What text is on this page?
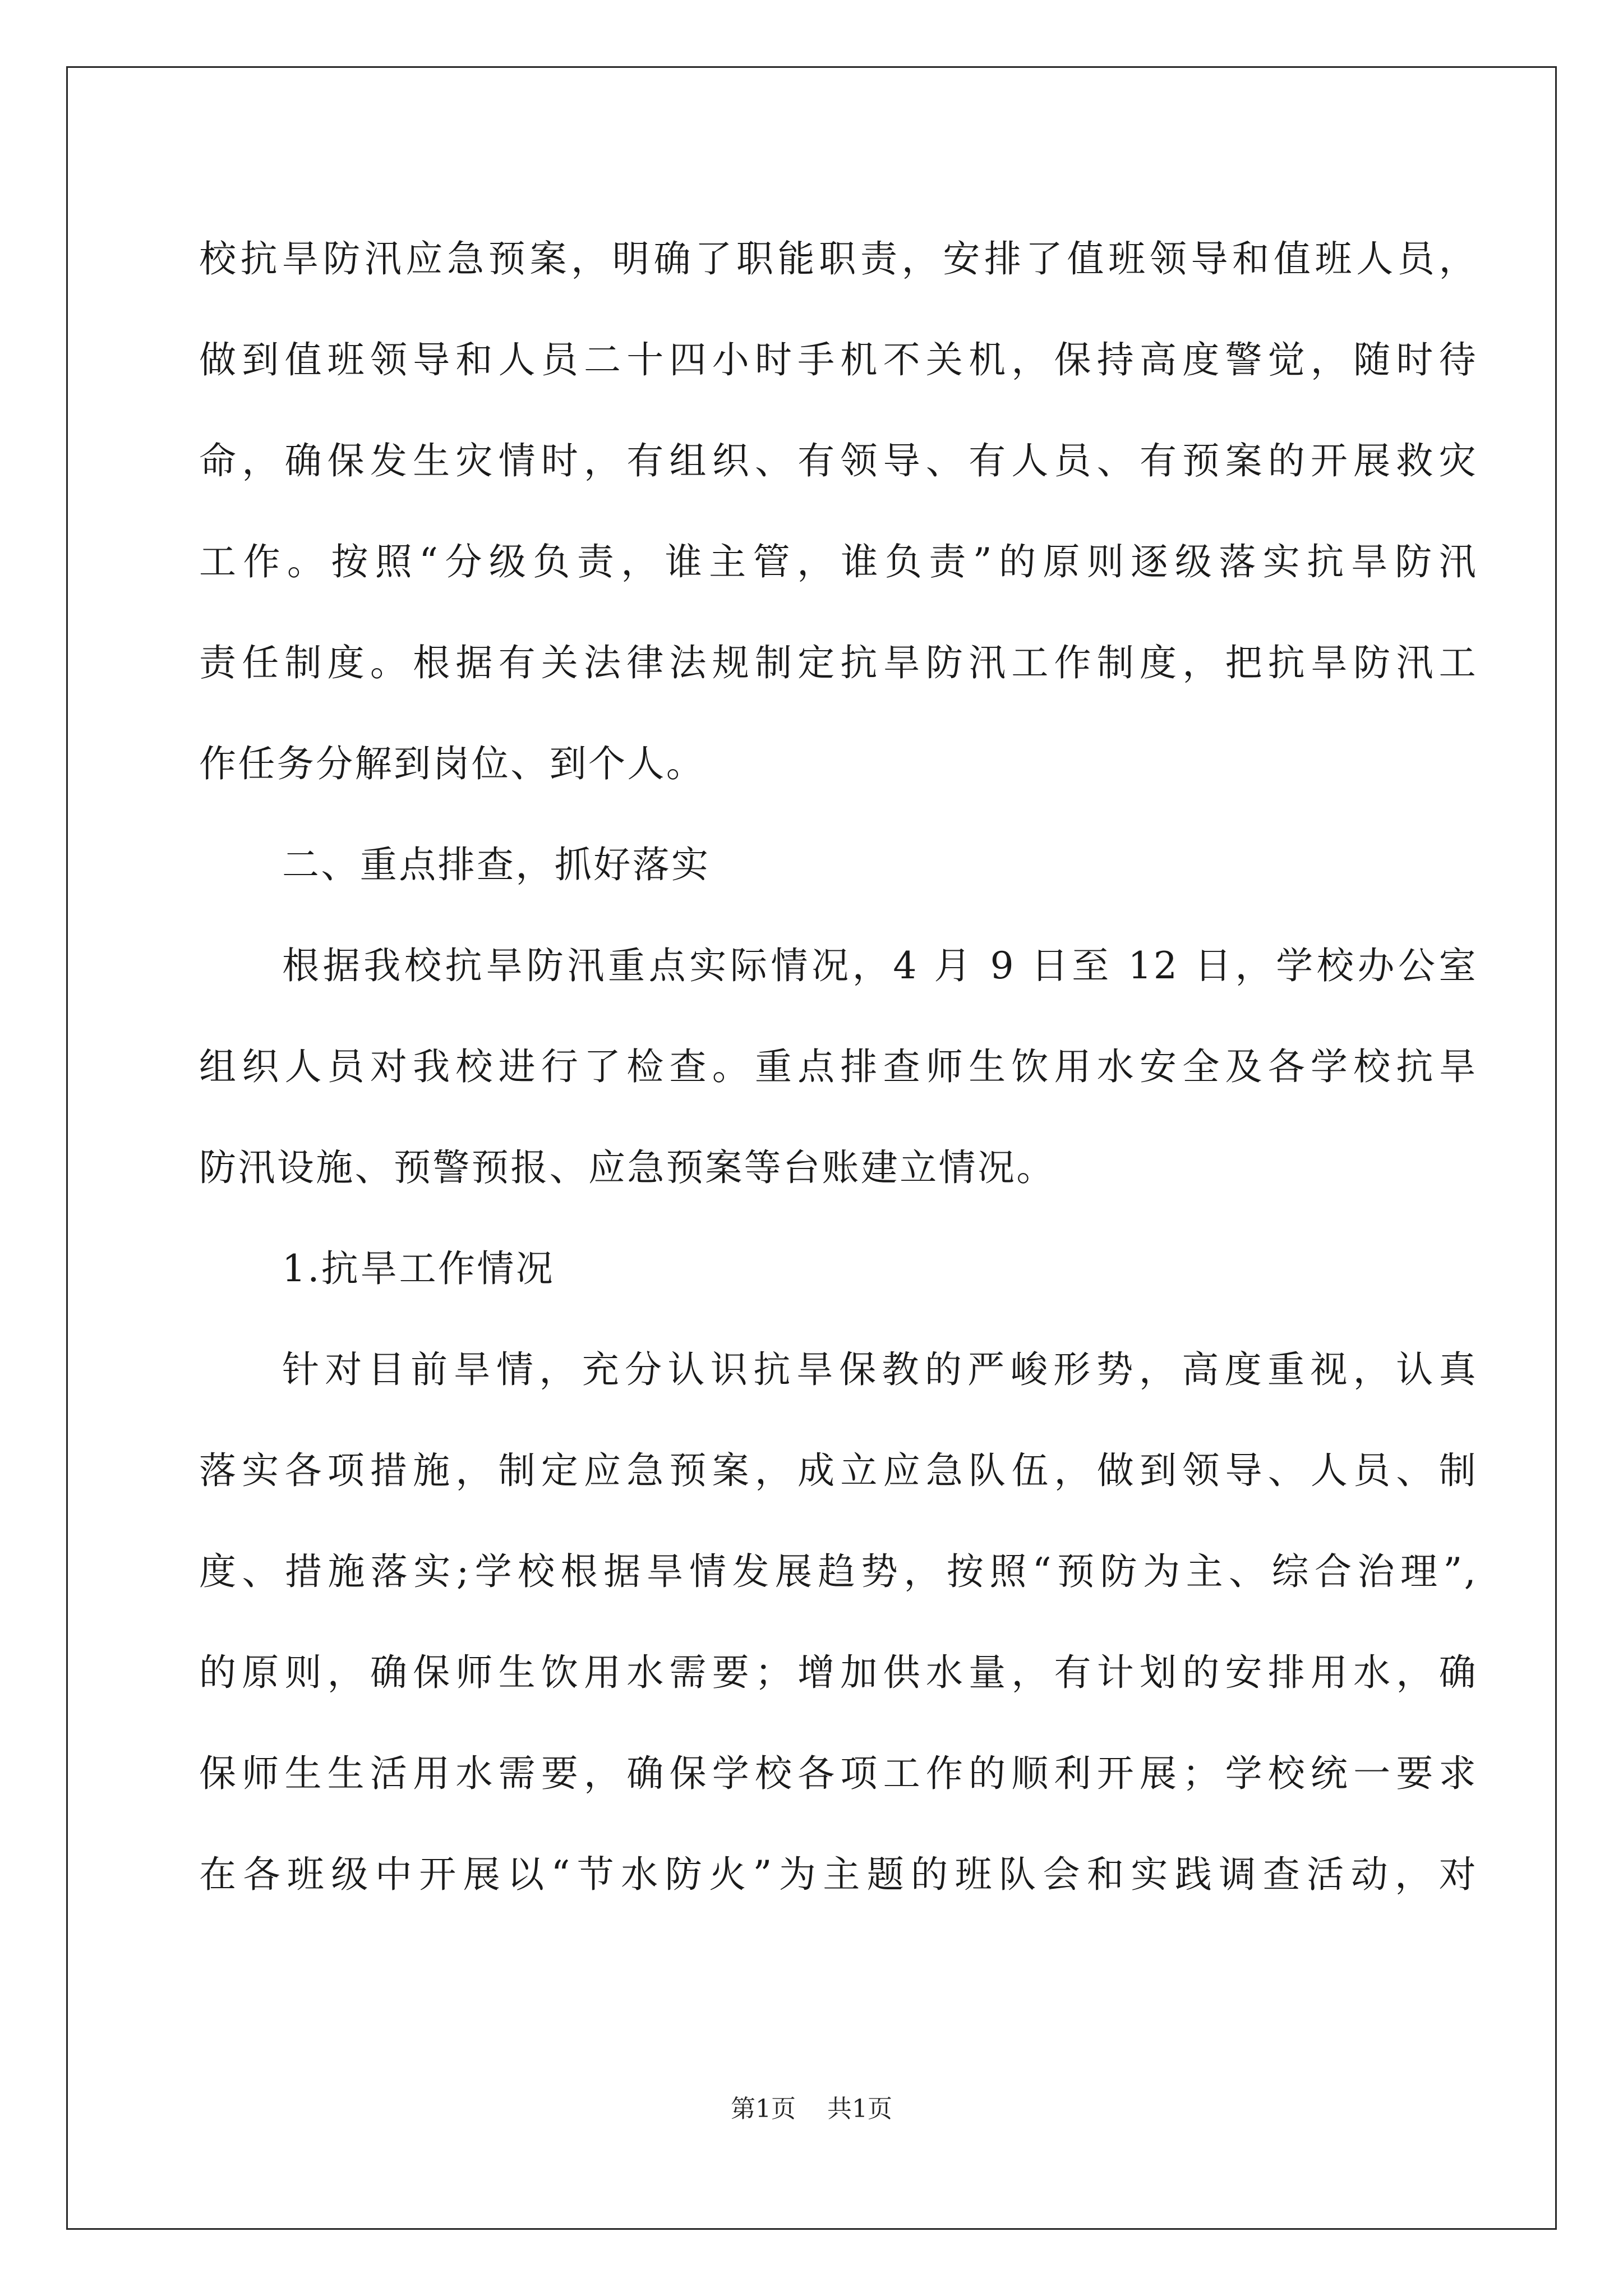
校抗旱防汛应急预案，明确了职能职责，安排了值班领导和值班人员，
做到值班领导和人员二十四小时手机不关机，保持高度警觉，随时待
命，确保发生灾情时，有组织、有领导、有人员、有预案的开展救灾
工作。按照“分级负责，谁主管，谁负责”的原则逐级落实抗旱防汛
责任制度。根据有关法律法规制定抗旱防汛工作制度，把抗旱防汛工
作任务分解到岗位、到个人。
二、重点排查，抓好落实
根据我校抗旱防汛重点实际情况，4 月 9 日至 12 日，学校办公室
组织人员对我校进行了检查。重点排查师生饮用水安全及各学校抗旱
防汛设施、预警预报、应急预案等台账建立情况。
1.抗旱工作情况
针对目前旱情，充分认识抗旱保教的严峻形势，高度重视，认真
落实各项措施，制定应急预案，成立应急队伍，做到领导、人员、制
度、措施落实;学校根据旱情发展趋势，按照“预防为主、综合治理”,
的原则，确保师生饮用水需要；增加供水量，有计划的安排用水，确
保师生生活用水需要，确保学校各项工作的顺利开展；学校统一要求
在各班级中开展以“节水防火”为主题的班队会和实践调查活动，对
第1页 共1页
